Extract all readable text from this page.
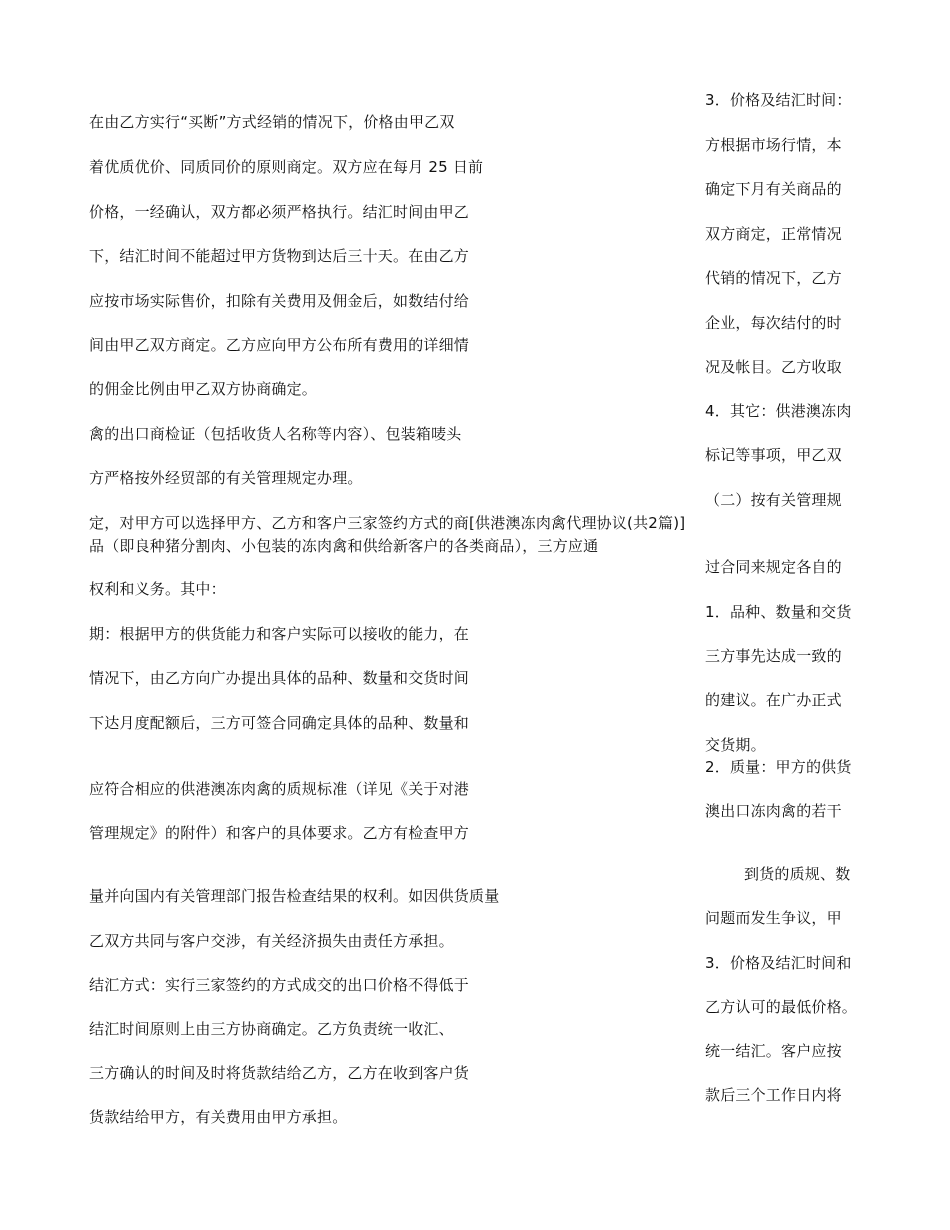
在由乙方实行“买断”方式经销的情况下，价格由甲乙双
着优质优价、同质同价的原则商定。双方应在每月 25 日前
价格，一经确认，双方都必须严格执行。结汇时间由甲乙
下，结汇时间不能超过甲方货物到达后三十天。在由乙方
应按市场实际售价，扣除有关费用及佣金后，如数结付给
间由甲乙双方商定。乙方应向甲方公布所有费用的详细情
的佣金比例由甲乙双方协商确定。
禽的出口商检证（包括收货人名称等内容）、包装箱唛头
方严格按外经贸部的有关管理规定办理。
定，对甲方可以选择甲方、乙方和客户三家签约方式的商[供港澳冻肉禽代理协议(共2篇)]
品（即良种猪分割肉、小包装的冻肉禽和供给新客户的各类商品），三方应通
权利和义务。其中：
期：根据甲方的供货能力和客户实际可以接收的能力，在
情况下，由乙方向广办提出具体的品种、数量和交货时间
下达月度配额后，三方可签合同确定具体的品种、数量和
应符合相应的供港澳冻肉禽的质规标准（详见《关于对港
管理规定》的附件）和客户的具体要求。乙方有检查甲方
量并向国内有关管理部门报告检查结果的权利。如因供货质量
乙双方共同与客户交涉，有关经济损失由责任方承担。
结汇方式：实行三家签约的方式成交的出口价格不得低于
结汇时间原则上由三方协商确定。乙方负责统一收汇、
三方确认的时间及时将货款结给乙方，乙方在收到客户货
货款结给甲方，有关费用由甲方承担。
3．价格及结汇时间：
方根据市场行情，本
确定下月有关商品的
双方商定，正常情况
代销的情况下，乙方
企业，每次结付的时
况及帐目。乙方收取
4．其它：供港澳冻肉
标记等事项，甲乙双
（二）按有关管理规
过合同来规定各自的
1．品种、数量和交货
三方事先达成一致的
的建议。在广办正式
交货期。
2．质量：甲方的供货
澳出口冻肉禽的若干
到货的质规、数
问题而发生争议，甲
3．价格及结汇时间和
乙方认可的最低价格。
统一结汇。客户应按
款后三个工作日内将
